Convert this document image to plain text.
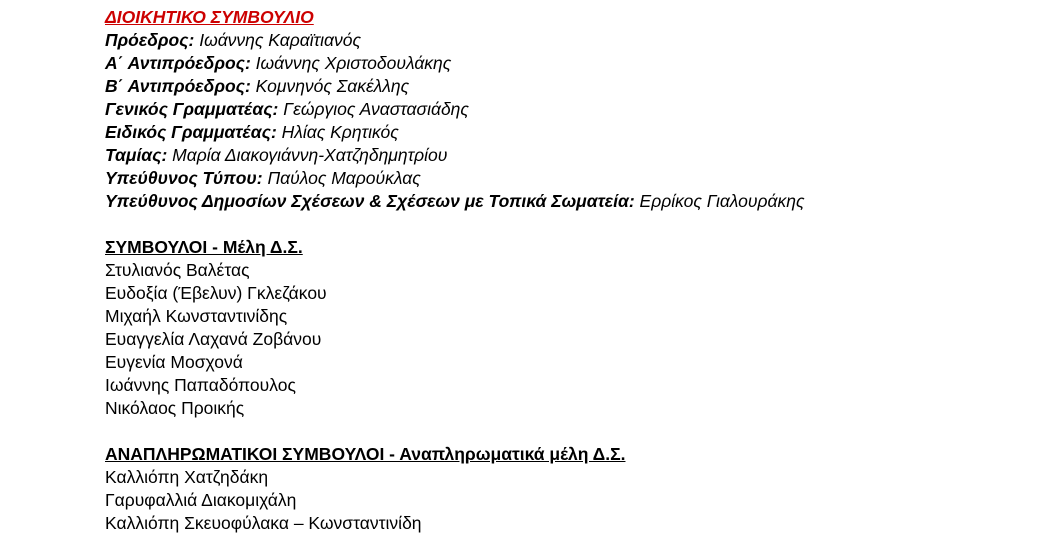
ΔΙΟΙΚΗΤΙΚΟ ΣΥΜΒΟΥΛΙΟ
Πρόεδρος: Ιωάννης Καραϊτιανός
Α΄ Αντιπρόεδρος: Ιωάννης Χριστοδουλάκης
Β΄ Αντιπρόεδρος: Κομνηνός Σακέλλης
Γενικός Γραμματέας: Γεώργιος Αναστασιάδης
Ειδικός Γραμματέας: Ηλίας Κρητικός
Ταμίας: Μαρία Διακογιάννη-Χατζηδημητρίου
Υπεύθυνος Τύπου: Παύλος Μαρούκλας
Υπεύθυνος Δημοσίων Σχέσεων & Σχέσεων με Τοπικά Σωματεία: Ερρίκος Γιαλουράκης
ΣΥΜΒΟΥΛΟΙ - Μέλη Δ.Σ.
Στυλιανός Βαλέτας
Ευδοξία (Έβελυν) Γκλεζάκου
Μιχαήλ Κωνσταντινίδης
Ευαγγελία Λαχανά Ζοβάνου
Ευγενία Μοσχονά
Ιωάννης Παπαδόπουλος
Νικόλαος Προικής
ΑΝΑΠΛΗΡΩΜΑΤΙΚΟΙ ΣΥΜΒΟΥΛΟΙ - Αναπληρωματικά μέλη Δ.Σ.
Καλλιόπη Χατζηδάκη
Γαρυφαλλιά Διακομιχάλη
Καλλιόπη Σκευοφύλακα – Κωνσταντινίδη
